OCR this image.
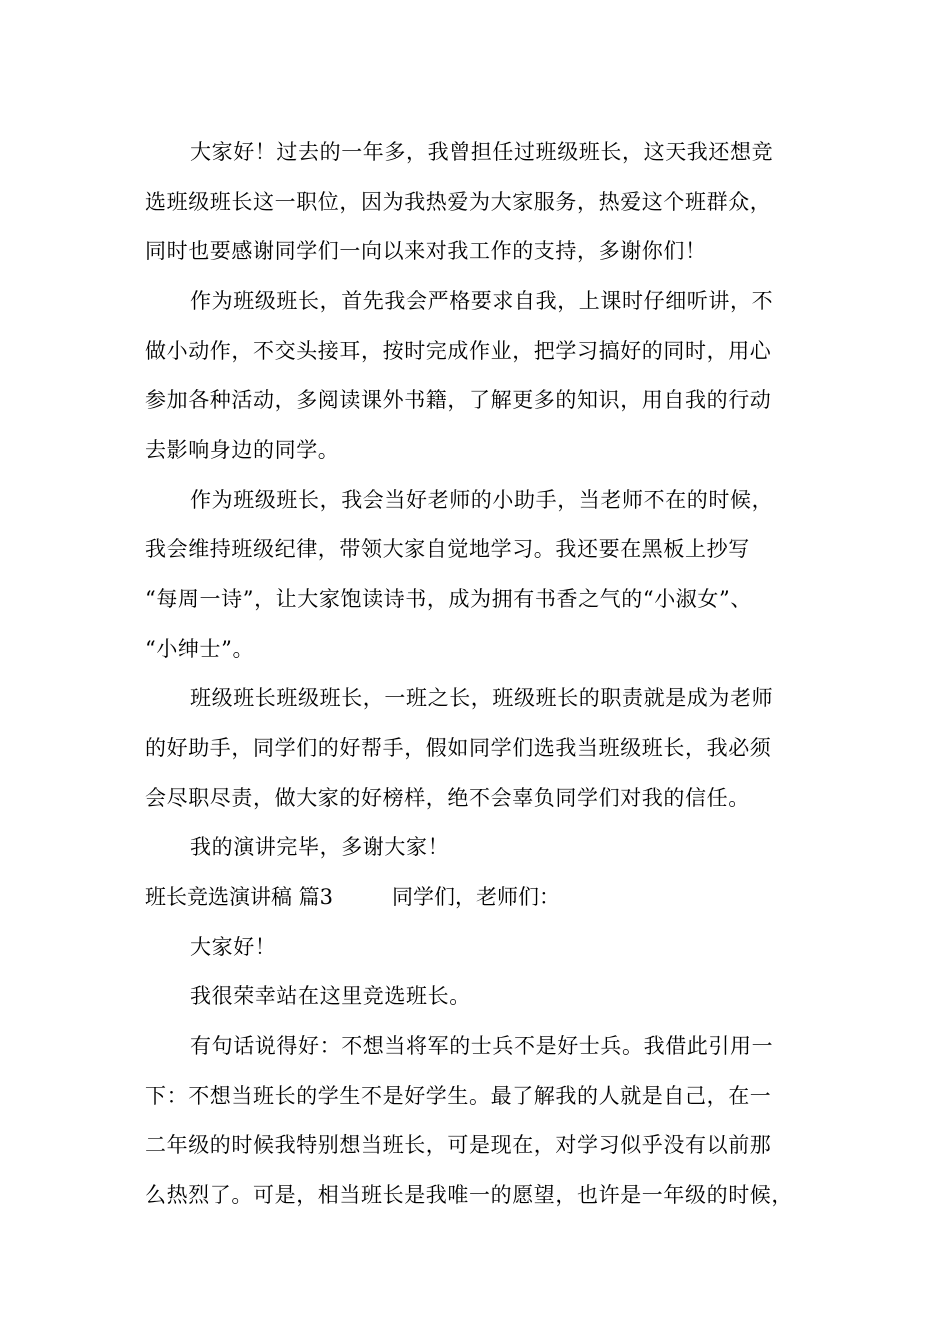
大家好！过去的一年多，我曾担任过班级班长，这天我还想竞
选班级班长这一职位，因为我热爱为大家服务，热爱这个班群众，
同时也要感谢同学们一向以来对我工作的支持，多谢你们！
作为班级班长，首先我会严格要求自我，上课时仔细听讲，不
做小动作，不交头接耳，按时完成作业，把学习搞好的同时，用心
参加各种活动，多阅读课外书籍，了解更多的知识，用自我的行动
去影响身边的同学。
作为班级班长，我会当好老师的小助手，当老师不在的时候，
我会维持班级纪律，带领大家自觉地学习。我还要在黑板上抄写
“每周一诗”，让大家饱读诗书，成为拥有书香之气的“小淑女”、
“小绅士”。
班级班长班级班长，一班之长，班级班长的职责就是成为老师
的好助手，同学们的好帮手，假如同学们选我当班级班长，我必须
会尽职尽责，做大家的好榜样，绝不会辜负同学们对我的信任。
我的演讲完毕，多谢大家！
班长竞选演讲稿 篇3	同学们，老师们：
大家好！
我很荣幸站在这里竞选班长。
有句话说得好：不想当将军的士兵不是好士兵。我借此引用一
下：不想当班长的学生不是好学生。最了解我的人就是自己，在一
二年级的时候我特别想当班长，可是现在，对学习似乎没有以前那
么热烈了。可是，相当班长是我唯一的愿望，也许是一年级的时候，
